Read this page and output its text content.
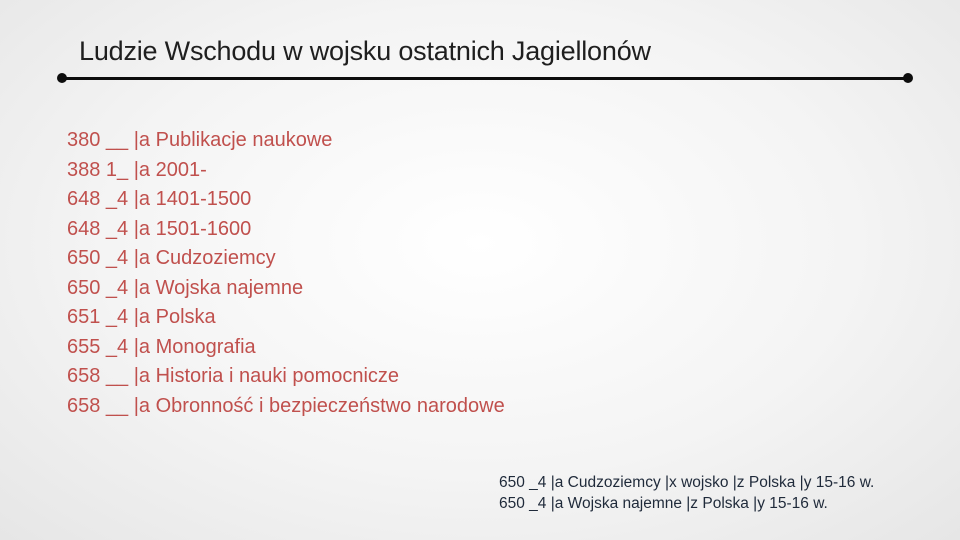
Ludzie Wschodu w wojsku ostatnich Jagiellonów
380 __ |a Publikacje naukowe
388 1_ |a 2001-
648 _4 |a 1401-1500
648 _4 |a 1501-1600
650 _4 |a Cudzoziemcy
650 _4 |a Wojska najemne
651 _4 |a Polska
655 _4 |a Monografia
658 __ |a Historia i nauki pomocnicze
658 __ |a Obronność i bezpieczeństwo narodowe
650 _4 |a Cudzoziemcy |x wojsko |z Polska |y 15-16 w.
650 _4 |a Wojska najemne |z Polska |y 15-16 w.
